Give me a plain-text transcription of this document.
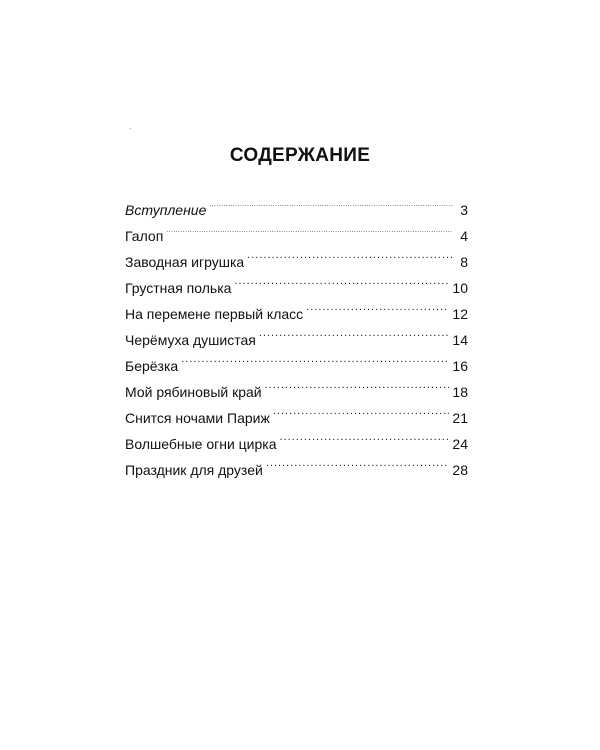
СОДЕРЖАНИЕ
Вступление .....	3
Галоп .....	4
Заводная игрушка .....	8
Грустная полька .....	10
На перемене первый класс .....	12
Черёмуха душистая .....	14
Берёзка .....	16
Мой рябиновый край .....	18
Снится ночами Париж .....	21
Волшебные огни цирка .....	24
Праздник для друзей .....	28
